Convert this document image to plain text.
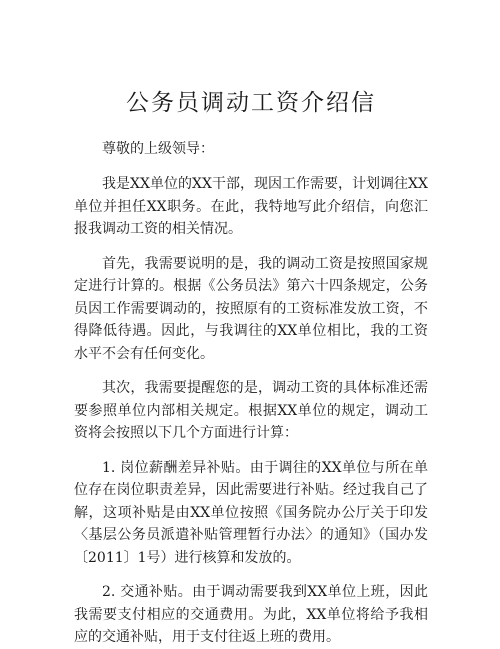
公务员调动工资介绍信

尊敬的上级领导：

我是XX单位的XX干部，现因工作需要，计划调往XX单位并担任XX职务。在此，我特地写此介绍信，向您汇报我调动工资的相关情况。

首先，我需要说明的是，我的调动工资是按照国家规定进行计算的。根据《公务员法》第六十四条规定，公务员因工作需要调动的，按照原有的工资标准发放工资，不得降低待遇。因此，与我调往的XX单位相比，我的工资水平不会有任何变化。

其次，我需要提醒您的是，调动工资的具体标准还需要参照单位内部相关规定。根据XX单位的规定，调动工资将会按照以下几个方面进行计算：

1. 岗位薪酬差异补贴。由于调往的XX单位与所在单位存在岗位职责差异，因此需要进行补贴。经过我自己了解，这项补贴是由XX单位按照《国务院办公厅关于印发〈基层公务员派遣补贴管理暂行办法〉的通知》（国办发〔2011〕1号）进行核算和发放的。

2. 交通补贴。由于调动需要我到XX单位上班，因此我需要支付相应的交通费用。为此，XX单位将给予我相应的交通补贴，用于支付往返上班的费用。
